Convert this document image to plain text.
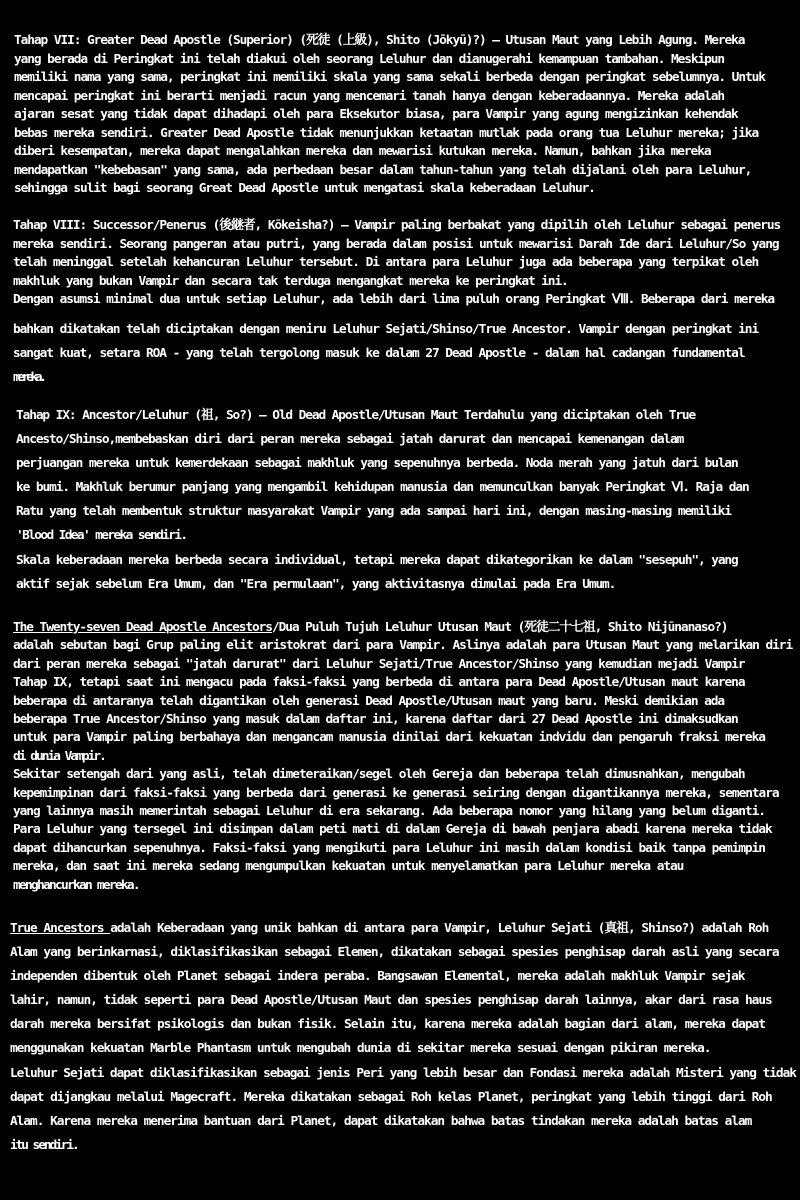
Tahap VII: Greater Dead Apostle (Superior) (死徒 (上級), Shito (Jōkyū)?) – Utusan Maut yang Lebih Agung. Mereka

yang berada di Peringkat ini telah diakui oleh seorang Leluhur dan dianugerahi kemampuan tambahan. Meskipun

memiliki nama yang sama, peringkat ini memiliki skala yang sama sekali berbeda dengan peringkat sebelumnya. Untuk

mencapai peringkat ini berarti menjadi racun yang mencemari tanah hanya dengan keberadaannya. Mereka adalah

ajaran sesat yang tidak dapat dihadapi oleh para Eksekutor biasa, para Vampir yang agung mengizinkan kehendak

bebas mereka sendiri. Greater Dead Apostle tidak menunjukkan ketaatan mutlak pada orang tua Leluhur mereka; jika

diberi kesempatan, mereka dapat mengalahkan mereka dan mewarisi kutukan mereka. Namun, bahkan jika mereka

mendapatkan "kebebasan" yang sama, ada perbedaan besar dalam tahun-tahun yang telah dijalani oleh para Leluhur,

sehingga sulit bagi seorang Great Dead Apostle untuk mengatasi skala keberadaan Leluhur.

Tahap VIII: Successor/Penerus (後継者, Kōkeisha?) – Vampir paling berbakat yang dipilih oleh Leluhur sebagai penerus

mereka sendiri. Seorang pangeran atau putri, yang berada dalam posisi untuk mewarisi Darah Ide dari Leluhur/So yang

telah meninggal setelah kehancuran Leluhur tersebut. Di antara para Leluhur juga ada beberapa yang terpikat oleh

makhluk yang bukan Vampir dan secara tak terduga mengangkat mereka ke peringkat ini.

Dengan asumsi minimal dua untuk setiap Leluhur, ada lebih dari lima puluh orang Peringkat Ⅷ. Beberapa dari mereka

bahkan dikatakan telah diciptakan dengan meniru Leluhur Sejati/Shinso/True Ancestor. Vampir dengan peringkat ini

sangat kuat, setara ROA - yang telah tergolong masuk ke dalam 27 Dead Apostle - dalam hal cadangan fundamental

mereka.

Tahap IX: Ancestor/Leluhur (祖, So?) – Old Dead Apostle/Utusan Maut Terdahulu yang diciptakan oleh True

Ancesto/Shinso,membebaskan diri dari peran mereka sebagai jatah darurat dan mencapai kemenangan dalam

perjuangan mereka untuk kemerdekaan sebagai makhluk yang sepenuhnya berbeda. Noda merah yang jatuh dari bulan

ke bumi. Makhluk berumur panjang yang mengambil kehidupan manusia dan memunculkan banyak Peringkat Ⅵ. Raja dan

Ratu yang telah membentuk struktur masyarakat Vampir yang ada sampai hari ini, dengan masing-masing memiliki

'Blood Idea' mereka sendiri.

Skala keberadaan mereka berbeda secara individual, tetapi mereka dapat dikategorikan ke dalam "sesepuh", yang

aktif sejak sebelum Era Umum, dan "Era permulaan", yang aktivitasnya dimulai pada Era Umum.

The Twenty-seven Dead Apostle Ancestors/Dua Puluh Tujuh Leluhur Utusan Maut (死徒二十七祖, Shito Nijūnanaso?)

adalah sebutan bagi Grup paling elit aristokrat dari para Vampir. Aslinya adalah para Utusan Maut yang melarikan diri

dari peran mereka sebagai "jatah darurat" dari Leluhur Sejati/True Ancestor/Shinso yang kemudian mejadi Vampir

Tahap IX, tetapi saat ini mengacu pada faksi-faksi yang berbeda di antara para Dead Apostle/Utusan maut karena

beberapa di antaranya telah digantikan oleh generasi Dead Apostle/Utusan maut yang baru. Meski demikian ada

beberapa True Ancestor/Shinso yang masuk dalam daftar ini, karena daftar dari 27 Dead Apostle ini dimaksudkan

untuk para Vampir paling berbahaya dan mengancam manusia dinilai dari kekuatan indvidu dan pengaruh fraksi mereka

di dunia Vampir.

Sekitar setengah dari yang asli, telah dimeteraikan/segel oleh Gereja dan beberapa telah dimusnahkan, mengubah

kepemimpinan dari faksi-faksi yang berbeda dari generasi ke generasi seiring dengan digantikannya mereka, sementara

yang lainnya masih memerintah sebagai Leluhur di era sekarang. Ada beberapa nomor yang hilang yang belum diganti.

Para Leluhur yang tersegel ini disimpan dalam peti mati di dalam Gereja di bawah penjara abadi karena mereka tidak

dapat dihancurkan sepenuhnya. Faksi-faksi yang mengikuti para Leluhur ini masih dalam kondisi baik tanpa pemimpin

mereka, dan saat ini mereka sedang mengumpulkan kekuatan untuk menyelamatkan para Leluhur mereka atau

menghancurkan mereka.

True Ancestors adalah Keberadaan yang unik bahkan di antara para Vampir, Leluhur Sejati (真祖, Shinso?) adalah Roh

Alam yang berinkarnasi, diklasifikasikan sebagai Elemen, dikatakan sebagai spesies penghisap darah asli yang secara

independen dibentuk oleh Planet sebagai indera peraba. Bangsawan Elemental, mereka adalah makhluk Vampir sejak

lahir, namun, tidak seperti para Dead Apostle/Utusan Maut dan spesies penghisap darah lainnya, akar dari rasa haus

darah mereka bersifat psikologis dan bukan fisik. Selain itu, karena mereka adalah bagian dari alam, mereka dapat

menggunakan kekuatan Marble Phantasm untuk mengubah dunia di sekitar mereka sesuai dengan pikiran mereka.

Leluhur Sejati dapat diklasifikasikan sebagai jenis Peri yang lebih besar dan Fondasi mereka adalah Misteri yang tidak

dapat dijangkau melalui Magecraft. Mereka dikatakan sebagai Roh kelas Planet, peringkat yang lebih tinggi dari Roh

Alam. Karena mereka menerima bantuan dari Planet, dapat dikatakan bahwa batas tindakan mereka adalah batas alam

itu sendiri.
